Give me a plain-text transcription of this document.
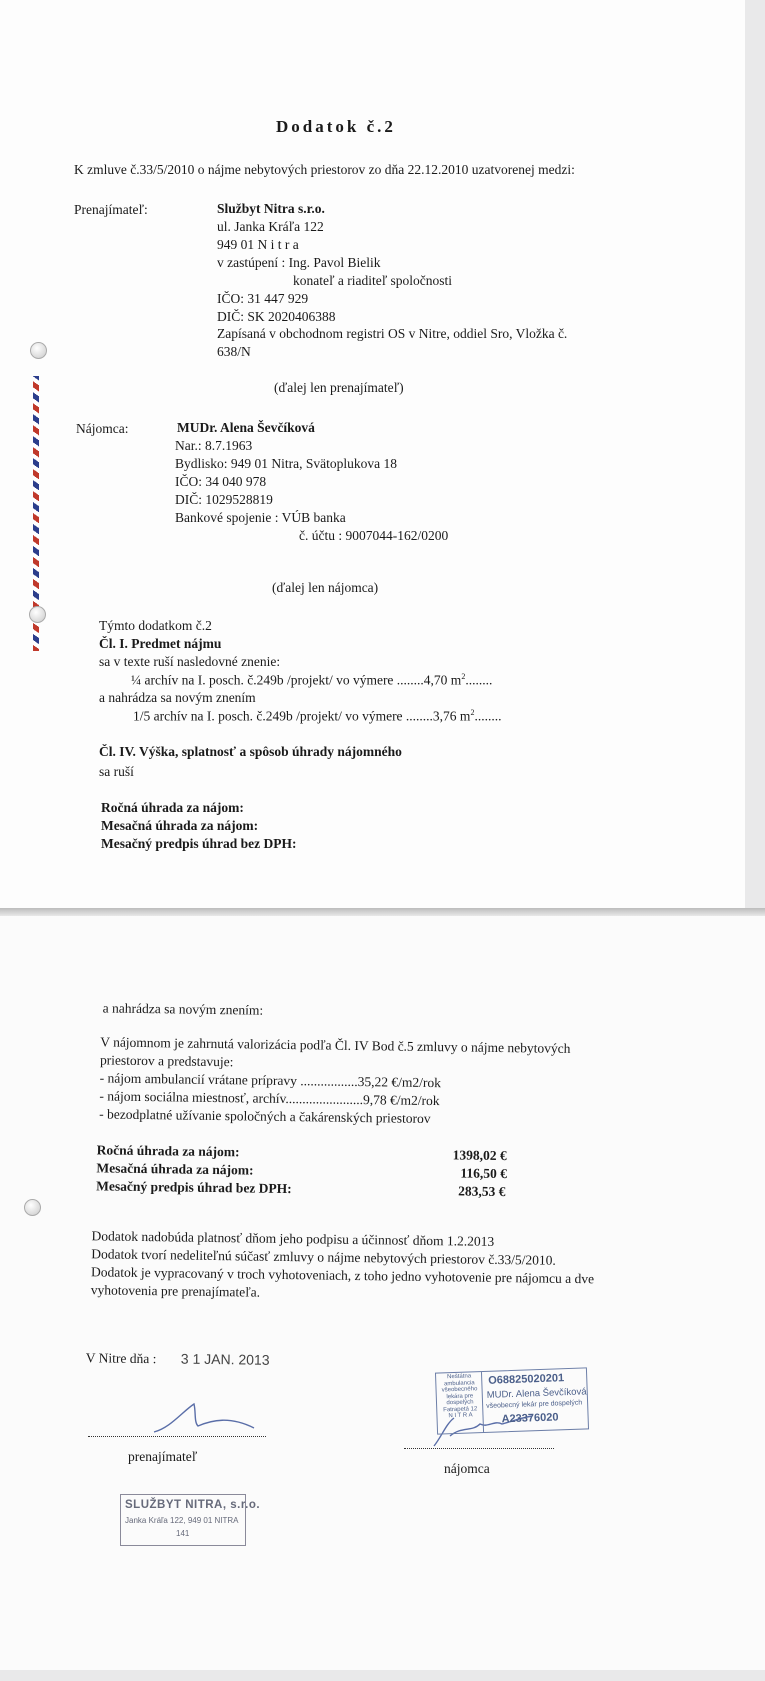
Dodatok č.2
K zmluve č.33/5/2010 o nájme nebytových priestorov zo dňa 22.12.2010 uzatvorenej medzi:
Prenajímateľ:	Službyt Nitra s.r.o.
ul. Janka Kráľa 122
949 01 N i t r a
v zastúpení : Ing. Pavol Bielik
konateľ a riaditeľ spoločnosti
IČO: 31 447 929
DIČ: SK 2020406388
Zapísaná v obchodnom registri OS v Nitre, oddiel Sro, Vložka č.
638/N
(ďalej len prenajímateľ)
Nájomca:	MUDr. Alena Ševčíková
Nar.: 8.7.1963
Bydlisko: 949 01 Nitra, Svätoplukova 18
IČO: 34 040 978
DIČ: 1029528819
Bankové spojenie : VÚB banka
č. účtu : 9007044-162/0200
(ďalej len nájomca)
Týmto dodatkom č.2
Čl. I. Predmet nájmu
sa v texte ruší nasledovné znenie:
¼ archív na I. posch. č.249b /projekt/ vo výmere ........4,70 $m^2$........
a nahrádza sa novým znením
1/5 archív na I. posch. č.249b /projekt/ vo výmere ........3,76 $m^2$........
Čl. IV. Výška, splatnosť a spôsob úhrady nájomného
sa ruší
Ročná úhrada za nájom:
Mesačná úhrada za nájom:
Mesačný predpis úhrad bez DPH:
a nahrádza sa novým znením:
V nájomnom je zahrnutá valorizácia podľa Čl. IV Bod č.5 zmluvy o nájme nebytových
priestorov a predstavuje:
- nájom ambulancií vrátane prípravy .................35,22 €/m2/rok
- nájom sociálna miestnosť, archív.......................9,78 €/m2/rok
- bezodplatné užívanie spoločných a čakárenských priestorov
Ročná úhrada za nájom:	1398,02 €
Mesačná úhrada za nájom:	116,50 €
Mesačný predpis úhrad bez DPH:	283,53 €
Dodatok nadobúda platnosť dňom jeho podpisu a účinnosť dňom 1.2.2013
Dodatok tvorí nedeliteľnú súčasť zmluvy o nájme nebytových priestorov č.33/5/2010.
Dodatok je vypracovaný v troch vyhotoveniach, z toho jedno vyhotovenie pre nájomcu a dve
vyhotovenia pre prenajímateľa.
V Nitre dňa : 3 1 JAN. 2013
prenajímateľ
nájomca
Neštátna
ambulancia
všeobecného
lekára pre
dospelých
Fatrapetá 12
N I T R A
O68825020201
MUDr. Alena Ševčíková
všeobecný lekár pre dospelých
A23376020
SLUŽBYT NITRA, s.r.o.
Janka Kráľa 122, 949 01 NITRA
141
